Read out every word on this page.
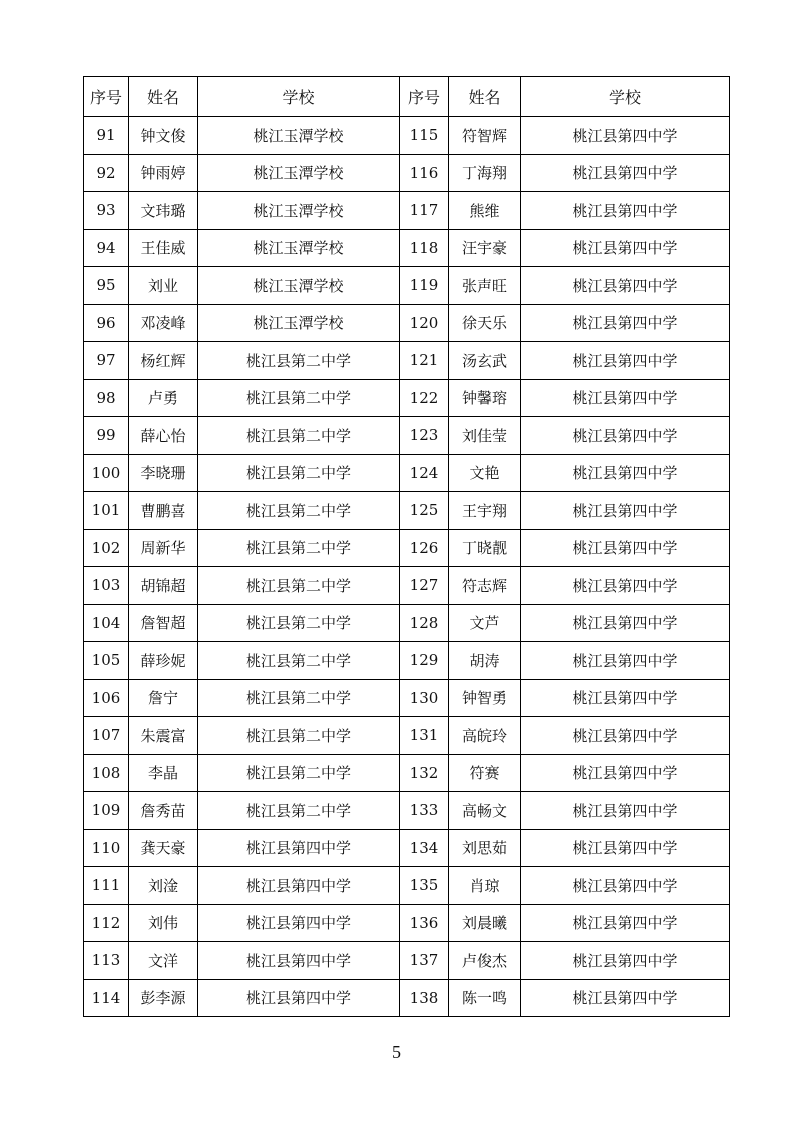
序号	姓名	学校	序号	姓名	学校
91	钟文俊	桃江玉潭学校	115	符智辉	桃江县第四中学
92	钟雨婷	桃江玉潭学校	116	丁海翔	桃江县第四中学
93	文玮璐	桃江玉潭学校	117	熊维	桃江县第四中学
94	王佳威	桃江玉潭学校	118	汪宇豪	桃江县第四中学
95	刘业	桃江玉潭学校	119	张声旺	桃江县第四中学
96	邓凌峰	桃江玉潭学校	120	徐天乐	桃江县第四中学
97	杨红辉	桃江县第二中学	121	汤玄武	桃江县第四中学
98	卢勇	桃江县第二中学	122	钟馨瑢	桃江县第四中学
99	薛心怡	桃江县第二中学	123	刘佳莹	桃江县第四中学
100	李晓珊	桃江县第二中学	124	文艳	桃江县第四中学
101	曹鹏喜	桃江县第二中学	125	王宇翔	桃江县第四中学
102	周新华	桃江县第二中学	126	丁晓靓	桃江县第四中学
103	胡锦超	桃江县第二中学	127	符志辉	桃江县第四中学
104	詹智超	桃江县第二中学	128	文芦	桃江县第四中学
105	薛珍妮	桃江县第二中学	129	胡涛	桃江县第四中学
106	詹宁	桃江县第二中学	130	钟智勇	桃江县第四中学
107	朱震富	桃江县第二中学	131	高皖玲	桃江县第四中学
108	李晶	桃江县第二中学	132	符赛	桃江县第四中学
109	詹秀苗	桃江县第二中学	133	高畅文	桃江县第四中学
110	龚天豪	桃江县第四中学	134	刘思茹	桃江县第四中学
111	刘淦	桃江县第四中学	135	肖琼	桃江县第四中学
112	刘伟	桃江县第四中学	136	刘晨曦	桃江县第四中学
113	文洋	桃江县第四中学	137	卢俊杰	桃江县第四中学
114	彭李源	桃江县第四中学	138	陈一鸣	桃江县第四中学
5
